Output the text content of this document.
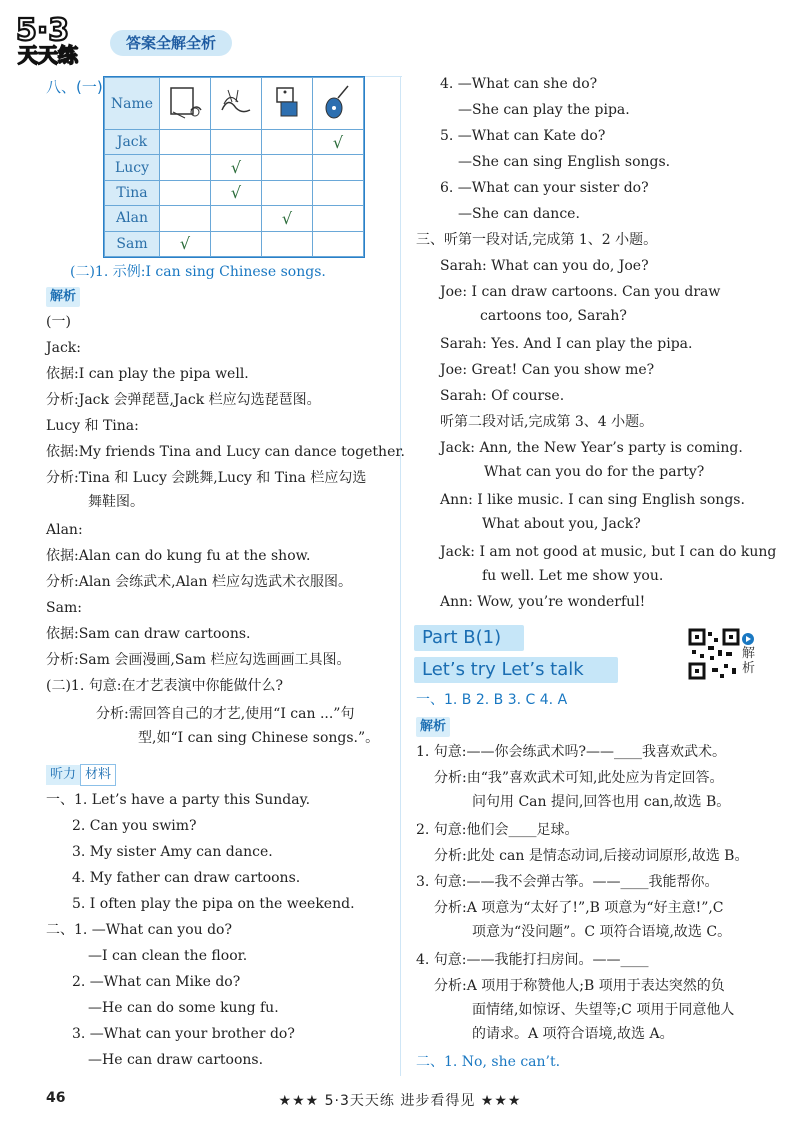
5·3
天天练	答案全解全析
八、(一)
Name				
Jack				√
Lucy		√		
Tina		√		
Alan			√	
Sam	√			
(二)1. 示例:I can sing Chinese songs.
解析
(一)
Jack:
依据:I can play the pipa well.
分析:Jack 会弹琵琶,Jack 栏应勾选琵琶图。
Lucy 和 Tina:
依据:My friends Tina and Lucy can dance together.
分析:Tina 和 Lucy 会跳舞,Lucy 和 Tina 栏应勾选
舞鞋图。
Alan:
依据:Alan can do kung fu at the show.
分析:Alan 会练武术,Alan 栏应勾选武术衣服图。
Sam:
依据:Sam can draw cartoons.
分析:Sam 会画漫画,Sam 栏应勾选画画工具图。
(二)1. 句意:在才艺表演中你能做什么?
分析:需回答自己的才艺,使用“I can ...”句
型,如“I can sing Chinese songs.”。
听力 材料
一、1. Let’s have a party this Sunday.
2. Can you swim?
3. My sister Amy can dance.
4. My father can draw cartoons.
5. I often play the pipa on the weekend.
二、1. —What can you do?
—I can clean the floor.
2. —What can Mike do?
—He can do some kung fu.
3. —What can your brother do?
—He can draw cartoons.
4. —What can she do?
—She can play the pipa.
5. —What can Kate do?
—She can sing English songs.
6. —What can your sister do?
—She can dance.
三、听第一段对话,完成第 1、2 小题。
Sarah: What can you do, Joe?
Joe: I can draw cartoons. Can you draw
cartoons too, Sarah?
Sarah: Yes. And I can play the pipa.
Joe: Great! Can you show me?
Sarah: Of course.
听第二段对话,完成第 3、4 小题。
Jack: Ann, the New Year’s party is coming.
What can you do for the party?
Ann: I like music. I can sing English songs.
What about you, Jack?
Jack: I am not good at music, but I can do kung
fu well. Let me show you.
Ann: Wow, you’re wonderful!
Part B(1)
Let’s try Let’s talk
解析
一、1. B 2. B 3. C 4. A
解析
1. 句意:——你会练武术吗?——____我喜欢武术。
分析:由“我”喜欢武术可知,此处应为肯定回答。
问句用 Can 提问,回答也用 can,故选 B。
2. 句意:他们会____足球。
分析:此处 can 是情态动词,后接动词原形,故选 B。
3. 句意:——我不会弹古筝。——____我能帮你。
分析:A 项意为“太好了!”,B 项意为“好主意!”,C
项意为“没问题”。C 项符合语境,故选 C。
4. 句意:——我能打扫房间。——____
分析:A 项用于称赞他人;B 项用于表达突然的负
面情绪,如惊讶、失望等;C 项用于同意他人
的请求。A 项符合语境,故选 A。
二、1. No, she can’t.
46	★★★ 5·3天天练 进步看得见 ★★★
